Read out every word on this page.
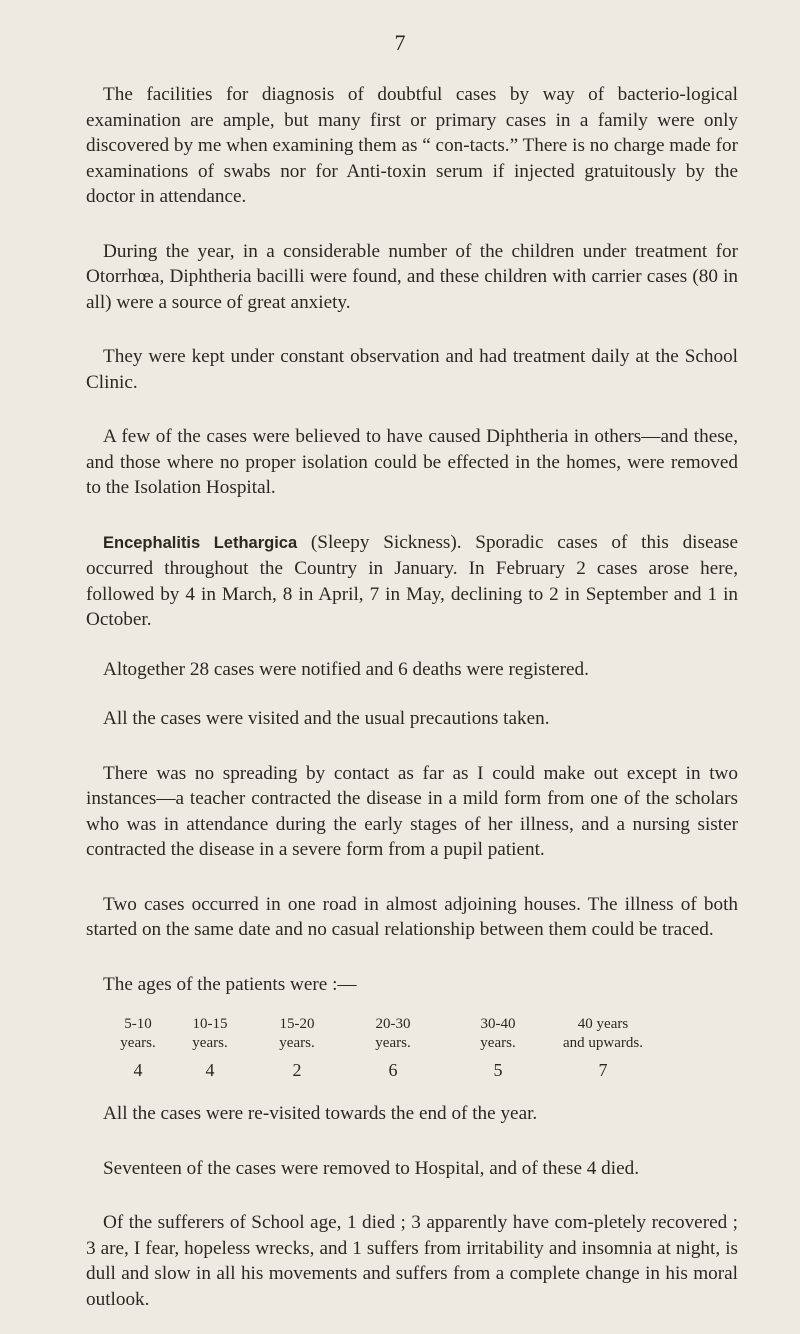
7

The facilities for diagnosis of doubtful cases by way of bacterio-logical examination are ample, but many first or primary cases in a family were only discovered by me when examining them as “ con-tacts.” There is no charge made for examinations of swabs nor for Anti-toxin serum if injected gratuitously by the doctor in attendance.

During the year, in a considerable number of the children under treatment for Otorrhœa, Diphtheria bacilli were found, and these children with carrier cases (80 in all) were a source of great anxiety.

They were kept under constant observation and had treatment daily at the School Clinic.

A few of the cases were believed to have caused Diphtheria in others—and these, and those where no proper isolation could be effected in the homes, were removed to the Isolation Hospital.

Encephalitis Lethargica (Sleepy Sickness). Sporadic cases of this disease occurred throughout the Country in January. In February 2 cases arose here, followed by 4 in March, 8 in April, 7 in May, declining to 2 in September and 1 in October.

Altogether 28 cases were notified and 6 deaths were registered.

All the cases were visited and the usual precautions taken.

There was no spreading by contact as far as I could make out except in two instances—a teacher contracted the disease in a mild form from one of the scholars who was in attendance during the early stages of her illness, and a nursing sister contracted the disease in a severe form from a pupil patient.

Two cases occurred in one road in almost adjoining houses. The illness of both started on the same date and no casual relationship between them could be traced.

The ages of the patients were :—

5-10	10-15	15-20	20-30	30-40	40 years
years.	years.	years.	years.	years.	and upwards.
4	4	2	6	5	7

All the cases were re-visited towards the end of the year.

Seventeen of the cases were removed to Hospital, and of these 4 died.

Of the sufferers of School age, 1 died ; 3 apparently have com-pletely recovered ; 3 are, I fear, hopeless wrecks, and 1 suffers from irritability and insomnia at night, is dull and slow in all his movements and suffers from a complete change in his moral outlook.
